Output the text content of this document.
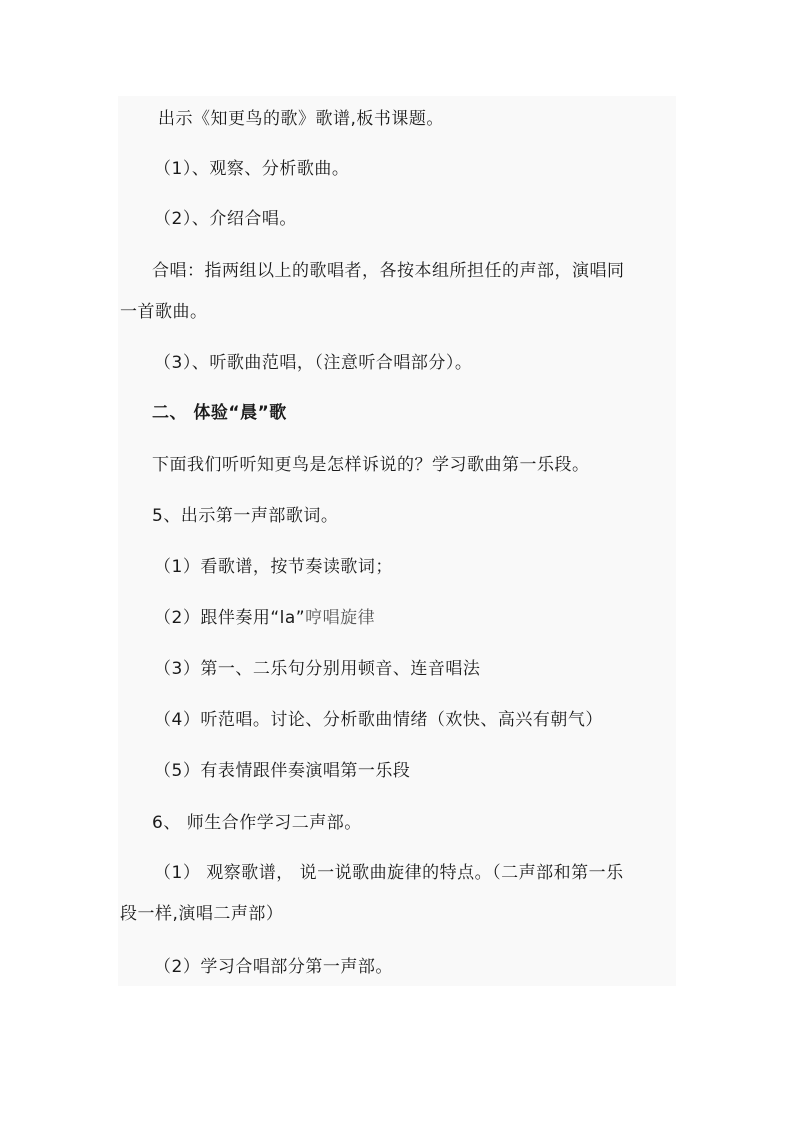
出示《知更鸟的歌》歌谱,板书课题。
（1）、观察、分析歌曲。
（2）、介绍合唱。
合唱：指两组以上的歌唱者，各按本组所担任的声部，演唱同
一首歌曲。
（3）、听歌曲范唱，（注意听合唱部分）。
二、 体验“晨”歌
下面我们听听知更鸟是怎样诉说的？学习歌曲第一乐段。
5、出示第一声部歌词。
（1）看歌谱，按节奏读歌词；
（2）跟伴奏用“la”哼唱旋律
（3）第一、二乐句分别用顿音、连音唱法
（4）听范唱。讨论、分析歌曲情绪（欢快、高兴有朝气）
（5）有表情跟伴奏演唱第一乐段
6、 师生合作学习二声部。
（1） 观察歌谱， 说一说歌曲旋律的特点。（二声部和第一乐
段一样,演唱二声部）
（2）学习合唱部分第一声部。
